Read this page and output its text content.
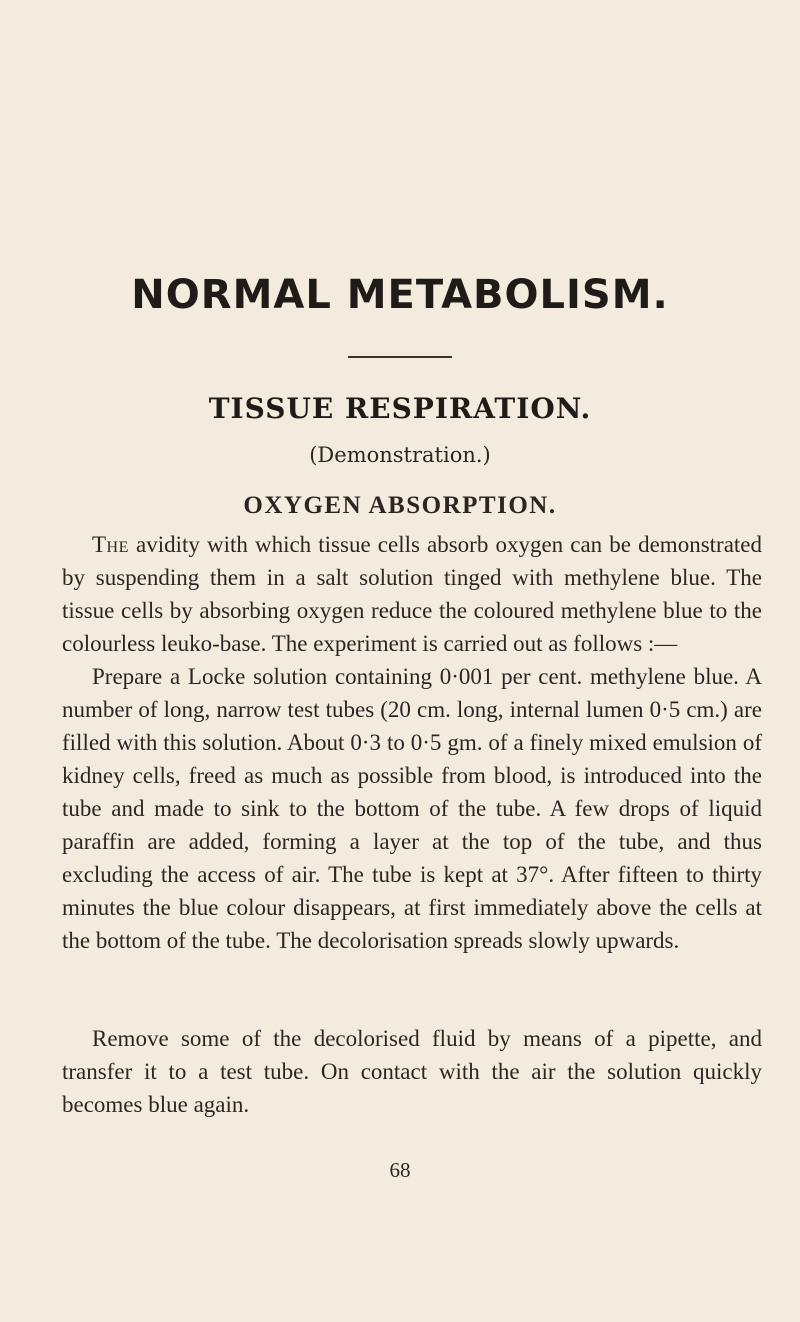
NORMAL METABOLISM.
TISSUE RESPIRATION.

(Demonstration.)

OXYGEN ABSORPTION.

The avidity with which tissue cells absorb oxygen can be demonstrated by suspending them in a salt solution tinged with methylene blue. The tissue cells by absorbing oxygen reduce the coloured methylene blue to the colourless leuko-base. The experiment is carried out as follows :—

Prepare a Locke solution containing 0·001 per cent. methylene blue. A number of long, narrow test tubes (20 cm. long, internal lumen 0·5 cm.) are filled with this solution. About 0·3 to 0·5 gm. of a finely mixed emulsion of kidney cells, freed as much as possible from blood, is introduced into the tube and made to sink to the bottom of the tube. A few drops of liquid paraffin are added, forming a layer at the top of the tube, and thus excluding the access of air. The tube is kept at 37°. After fifteen to thirty minutes the blue colour disappears, at first immediately above the cells at the bottom of the tube. The decolorisation spreads slowly upwards.

Remove some of the decolorised fluid by means of a pipette, and transfer it to a test tube. On contact with the air the solution quickly becomes blue again.

68
